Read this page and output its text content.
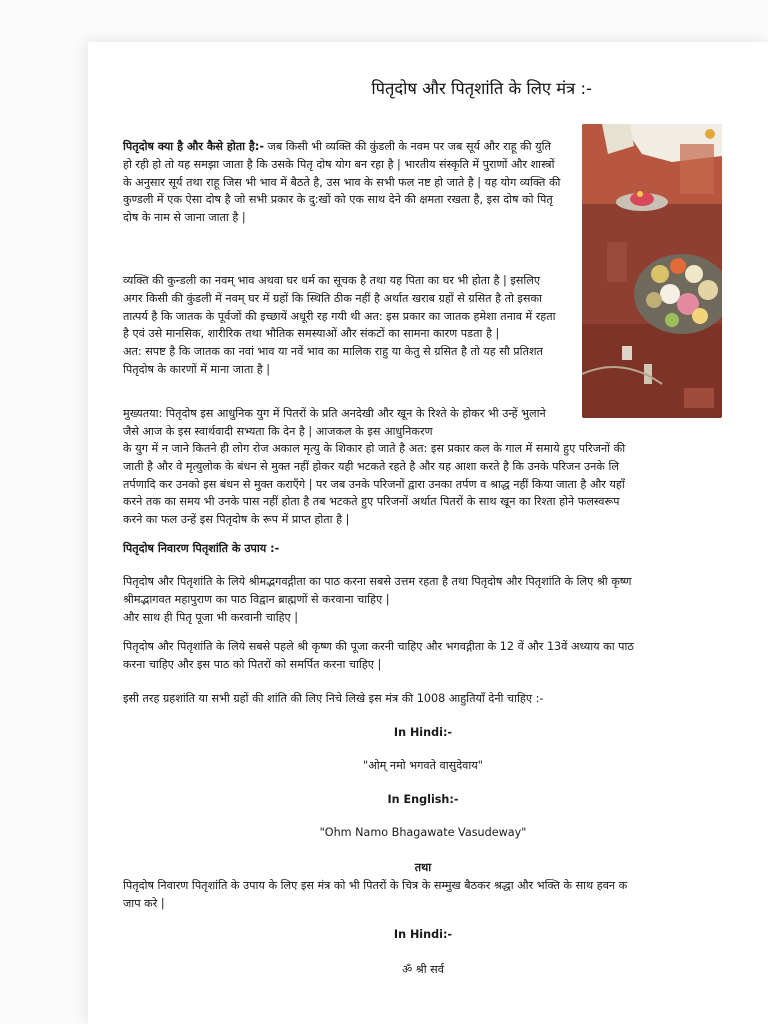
पितृदोष और पितृशांति के लिए मंत्र :-

पितृदोष क्या है और कैसे होता है:- जब किसी भी व्यक्ति की कुंडली के नवम पर जब सूर्य और राहू की युति हो रही हो तो यह समझा जाता है कि उसके पितृ दोष योग बन रहा है | भारतीय संस्कृति में पुराणों और शास्त्रों के अनुसार सूर्य तथा राहू जिस भी भाव में बैठते है, उस भाव के सभी फल नष्ट हो जाते है | यह योग व्यक्ति की कुण्डली में एक ऐसा दोष है जो सभी प्रकार के दु:खों को एक साथ देने की क्षमता रखता है, इस दोष को पितृ दोष के नाम से जाना जाता है |

व्यक्ति की कुन्डली का नवम् भाव अथवा घर धर्म का सूचक है तथा यह पिता का घर भी होता है | इसलिए अगर किसी की कुंडली में नवम् घर में ग्रहों कि स्थिति ठीक नहीं है अर्थात खराब ग्रहों से ग्रसित है तो इसका तात्पर्य है कि जातक के पूर्वजों की इच्छायें अधूरी रह गयी थी अत: इस प्रकार का जातक हमेशा तनाव में रहता है एवं उसे मानसिक, शारीरिक तथा भौतिक समस्याओं और संकटों का सामना कारण पडता है |

अत: सपष्ट है कि जातक का नवां भाव या नवें भाव का मालिक राहु या केतु से ग्रसित है तो यह सौ प्रतिशत पितृदोष के कारणों में माना जाता है |

मुख्यतया: पितृदोष इस आधुनिक युग में पितरों के प्रति अनदेखी और खून के रिश्ते के होकर भी उन्हें भुलाने जैसे आज के इस स्वार्थवादी सभ्यता कि देन है | आजकल के इस आधुनिकरण

के युग में न जाने कितने ही लोग रोज अकाल मृत्यु के शिकार हो जाते है अत: इस प्रकार कल के गाल में समाये हुए परिजनों की
जाती है और वे मृत्युलोक के बंधन से मुक्त नहीं होकर यही भटकते रहते है और यह आशा करते है कि उनके परिजन उनके लि
तर्पणादि कर उनको इस बंधन से मुक्त कराएँगे | पर जब उनके परिजनों द्वारा उनका तर्पण व श्राद्ध नहीं किया जाता है और यहाँ
करने तक का समय भी उनके पास नहीं होता है तब भटकते हुए परिजनों अर्थात पितरों के साथ खून का रिश्ता होने फलस्वरूप
करने का फल उन्हें इस पितृदोष के रूप में प्राप्त होता है |

पितृदोष निवारण पितृशांति के उपाय :-

पितृदोष और पितृशांति के लिये श्रीमद्भगवद्गीता का पाठ करना सबसे उत्तम रहता है तथा पितृदोष और पितृशांति के लिए श्री कृष्ण
श्रीमद्भागवत महापुराण का पाठ विद्वान ब्राह्मणों से करवाना चाहिए |
और साथ ही पितृ पूजा भी करवानी चाहिए |

पितृदोष और पितृशांति के लिये सबसे पहले श्री कृष्ण की पूजा करनी चाहिए और भगवद्गीता के 12 वें और 13वें अध्याय का पाठ
करना चाहिए और इस पाठ को पितरों को समर्पित करना चाहिए |

इसी तरह ग्रहशांति या सभी ग्रहों की शांति की लिए निचे लिखे इस मंत्र की 1008 आहुतियाँ देनी चाहिए :-
In Hindi:-
"ओम् नमो भगवते वासुदेवाय"
In English:-
"Ohm Namo Bhagawate Vasudeway"
तथा

पितृदोष निवारण पितृशांति के उपाय के लिए इस मंत्र को भी पितरों के चित्र के सम्मुख बैठकर श्रद्धा और भक्ति के साथ हवन क
जाप करे |

In Hindi:-
ॐ श्री सर्व
